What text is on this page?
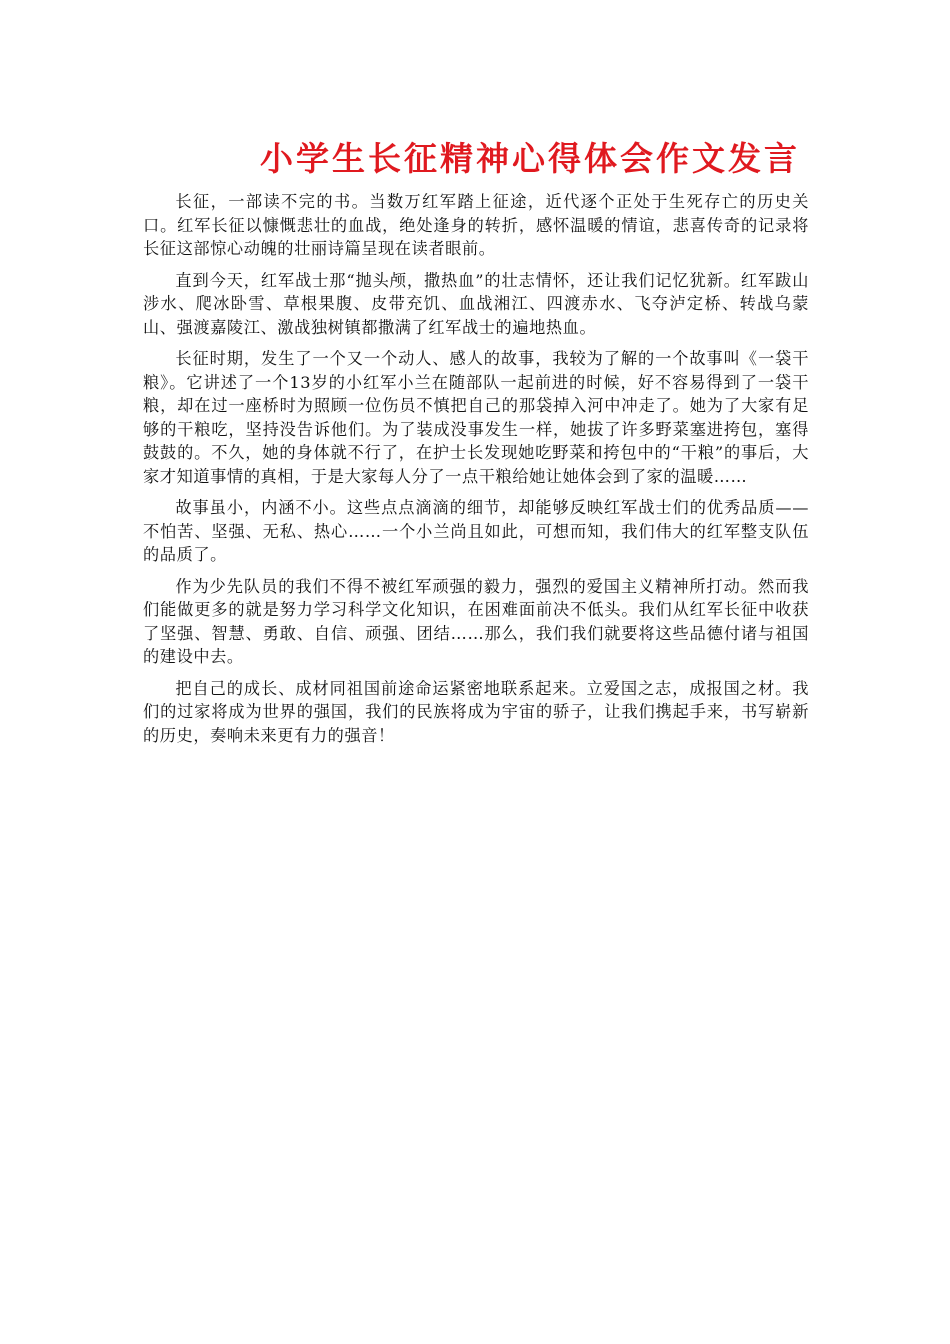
小学生长征精神心得体会作文发言

长征，一部读不完的书。当数万红军踏上征途，近代逐个正处于生死存亡的历史关口。红军长征以慷慨悲壮的血战，绝处逢身的转折，感怀温暖的情谊，悲喜传奇的记录将长征这部惊心动魄的壮丽诗篇呈现在读者眼前。

直到今天，红军战士那“抛头颅，撒热血”的壮志情怀，还让我们记忆犹新。红军跋山涉水、爬冰卧雪、草根果腹、皮带充饥、血战湘江、四渡赤水、飞夺泸定桥、转战乌蒙山、强渡嘉陵江、激战独树镇都撒满了红军战士的遍地热血。

长征时期，发生了一个又一个动人、感人的故事，我较为了解的一个故事叫《一袋干粮》。它讲述了一个13岁的小红军小兰在随部队一起前进的时候，好不容易得到了一袋干粮，却在过一座桥时为照顾一位伤员不慎把自己的那袋掉入河中冲走了。她为了大家有足够的干粮吃，坚持没告诉他们。为了装成没事发生一样，她拔了许多野菜塞进挎包，塞得鼓鼓的。不久，她的身体就不行了，在护士长发现她吃野菜和挎包中的“干粮”的事后，大家才知道事情的真相，于是大家每人分了一点干粮给她让她体会到了家的温暖……

故事虽小，内涵不小。这些点点滴滴的细节，却能够反映红军战士们的优秀品质——不怕苦、坚强、无私、热心……一个小兰尚且如此，可想而知，我们伟大的红军整支队伍的品质了。

作为少先队员的我们不得不被红军顽强的毅力，强烈的爱国主义精神所打动。然而我们能做更多的就是努力学习科学文化知识，在困难面前决不低头。我们从红军长征中收获了坚强、智慧、勇敢、自信、顽强、团结……那么，我们我们就要将这些品德付诸与祖国的建设中去。

把自己的成长、成材同祖国前途命运紧密地联系起来。立爱国之志，成报国之材。我们的过家将成为世界的强国，我们的民族将成为宇宙的骄子，让我们携起手来，书写崭新的历史，奏响未来更有力的强音！
